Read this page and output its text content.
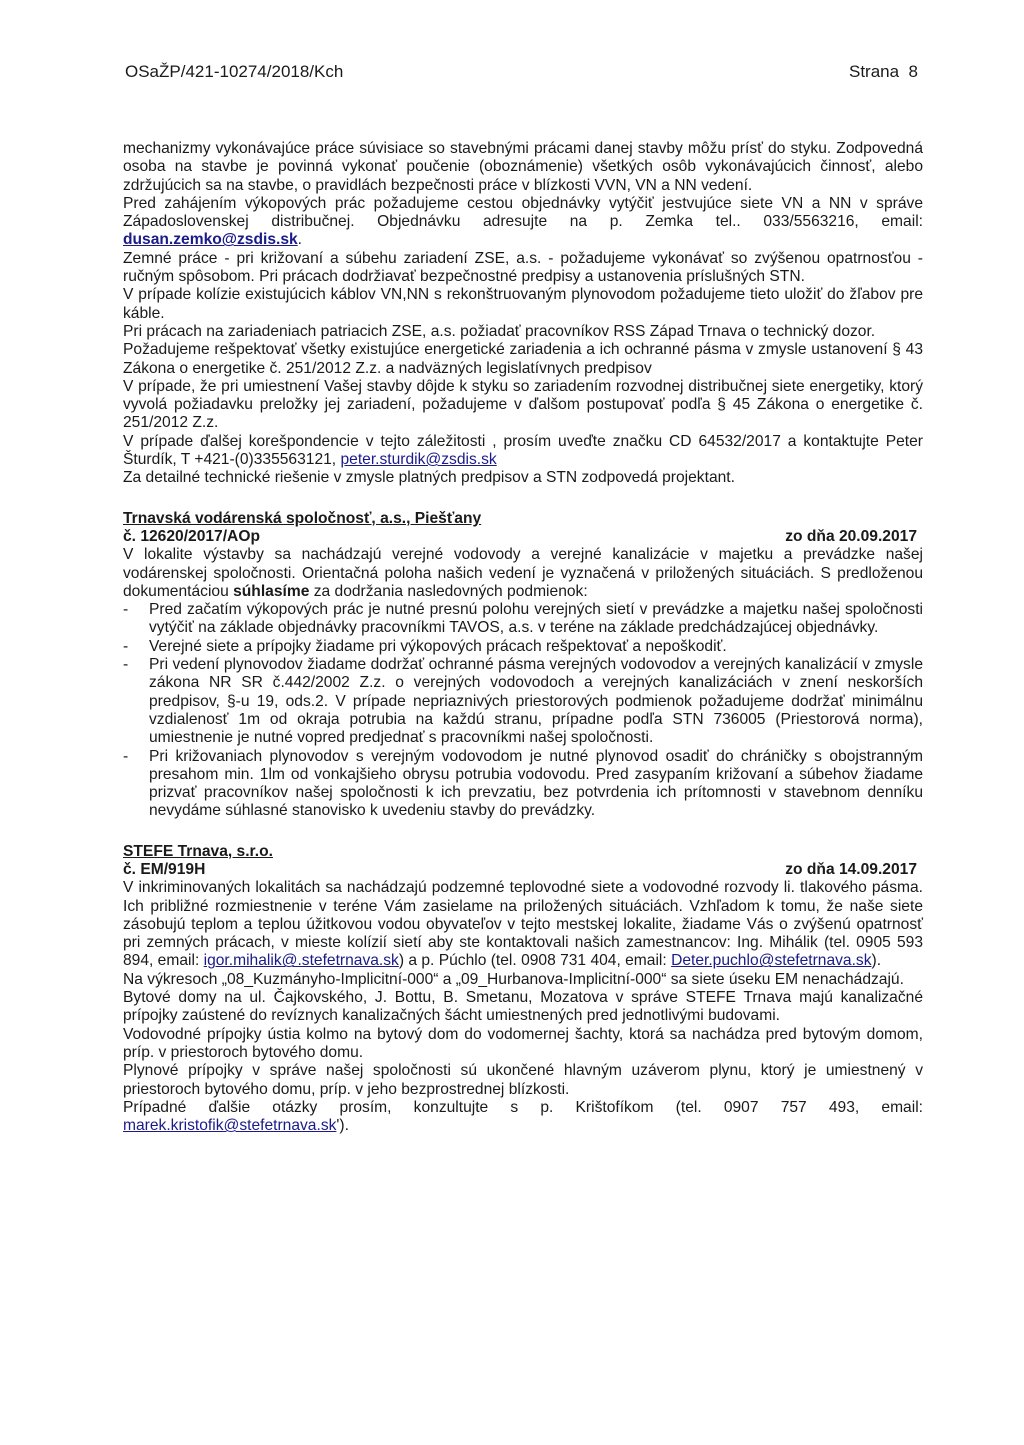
OSaŽP/421-10274/2018/Kch	Strana 8

mechanizmy vykonávajúce práce súvisiace so stavebnými prácami danej stavby môžu prísť do styku. Zodpovedná osoba na stavbe je povinná vykonať poučenie (oboznámenie) všetkých osôb vykonávajúcich činnosť, alebo zdržujúcich sa na stavbe, o pravidlách bezpečnosti práce v blízkosti VVN, VN a NN vedení.

Pred zahájením výkopových prác požadujeme cestou objednávky vytýčiť jestvujúce siete VN a NN v správe Západoslovenskej distribučnej. Objednávku adresujte na p. Zemka tel.. 033/5563216, email: dusan.zemko@zsdis.sk.

Zemné práce - pri križovaní a súbehu zariadení ZSE, a.s. - požadujeme vykonávať so zvýšenou opatrnosťou - ručným spôsobom. Pri prácach dodržiavať bezpečnostné predpisy a ustanovenia príslušných STN.

V prípade kolízie existujúcich káblov VN,NN s rekonštruovaným plynovodom požadujeme tieto uložiť do žľabov pre káble.

Pri prácach na zariadeniach patriacich ZSE, a.s. požiadať pracovníkov RSS Západ Trnava o technický dozor.

Požadujeme rešpektovať všetky existujúce energetické zariadenia a ich ochranné pásma v zmysle ustanovení § 43 Zákona o energetike č. 251/2012 Z.z. a nadväzných legislatívnych predpisov

V prípade, že pri umiestnení Vašej stavby dôjde k styku so zariadením rozvodnej distribučnej siete energetiky, ktorý vyvolá požiadavku preložky jej zariadení, požadujeme v ďalšom postupovať podľa § 45 Zákona o energetike č. 251/2012 Z.z.

V prípade ďalšej korešpondencie v tejto záležitosti , prosím uveďte značku CD 64532/2017 a kontaktujte Peter Šturdík, T +421-(0)335563121, peter.sturdik@zsdis.sk

Za detailné technické riešenie v zmysle platných predpisov a STN zodpovedá projektant.

Trnavská vodárenská spoločnosť, a.s., Piešťany

č. 12620/2017/AOp	zo dňa 20.09.2017

V lokalite výstavby sa nachádzajú verejné vodovody a verejné kanalizácie v majetku a prevádzke našej vodárenskej spoločnosti. Orientačná poloha našich vedení je vyznačená v priložených situáciách. S predloženou dokumentáciou súhlasíme za dodržania nasledovných podmienok:

- Pred začatím výkopových prác je nutné presnú polohu verejných sietí v prevádzke a majetku našej spoločnosti vytýčiť na základe objednávky pracovníkmi TAVOS, a.s. v teréne na základe predchádzajúcej objednávky.
- Verejné siete a prípojky žiadame pri výkopových prácach rešpektovať a nepoškodiť.
- Pri vedení plynovodov žiadame dodržať ochranné pásma verejných vodovodov a verejných kanalizácií v zmysle zákona NR SR č.442/2002 Z.z. o verejných vodovodoch a verejných kanalizáciách v znení neskorších predpisov, §-u 19, ods.2. V prípade nepriaznivých priestorových podmienok požadujeme dodržať minimálnu vzdialenosť 1m od okraja potrubia na každú stranu, prípadne podľa STN 736005 (Priestorová norma), umiestnenie je nutné vopred predjednať s pracovníkmi našej spoločnosti.
- Pri križovaniach plynovodov s verejným vodovodom je nutné plynovod osadiť do chráničky s obojstranným presahom min. 1lm od vonkajšieho obrysu potrubia vodovodu. Pred zasypaním križovaní a súbehov žiadame prizvať pracovníkov našej spoločnosti k ich prevzatiu, bez potvrdenia ich prítomnosti v stavebnom denníku nevydáme súhlasné stanovisko k uvedeniu stavby do prevádzky.

STEFE Trnava, s.r.o.

č. EM/919H	zo dňa 14.09.2017

V inkriminovaných lokalitách sa nachádzajú podzemné teplovodné siete a vodovodné rozvody li. tlakového pásma. Ich približné rozmiestnenie v teréne Vám zasielame na priložených situáciách. Vzhľadom k tomu, že naše siete zásobujú teplom a teplou úžitkovou vodou obyvateľov v tejto mestskej lokalite, žiadame Vás o zvýšenú opatrnosť pri zemných prácach, v mieste kolízií sietí aby ste kontaktovali našich zamestnancov: Ing. Mihálik (tel. 0905 593 894, email: igor.mihalik@.stefetrnava.sk) a p. Púchlo (tel. 0908 731 404, email: Deter.puchlo@stefetrnava.sk).

Na výkresoch „08_Kuzmányho-Implicitní-000“ a „09_Hurbanova-Implicitní-000“ sa siete úseku EM nenachádzajú.

Bytové domy na ul. Čajkovského, J. Bottu, B. Smetanu, Mozatova v správe STEFE Trnava majú kanalizačné prípojky zaústené do revíznych kanalizačných šácht umiestnených pred jednotlivými budovami.

Vodovodné prípojky ústia kolmo na bytový dom do vodomernej šachty, ktorá sa nachádza pred bytovým domom, príp. v priestoroch bytového domu.

Plynové prípojky v správe našej spoločnosti sú ukončené hlavným uzáverom plynu, ktorý je umiestnený v priestoroch bytového domu, príp. v jeho bezprostrednej blízkosti.

Prípadné ďalšie otázky prosím, konzultujte s p. Krištofíkom (tel. 0907 757 493, email: marek.kristofik@stefetrnava.sk').
